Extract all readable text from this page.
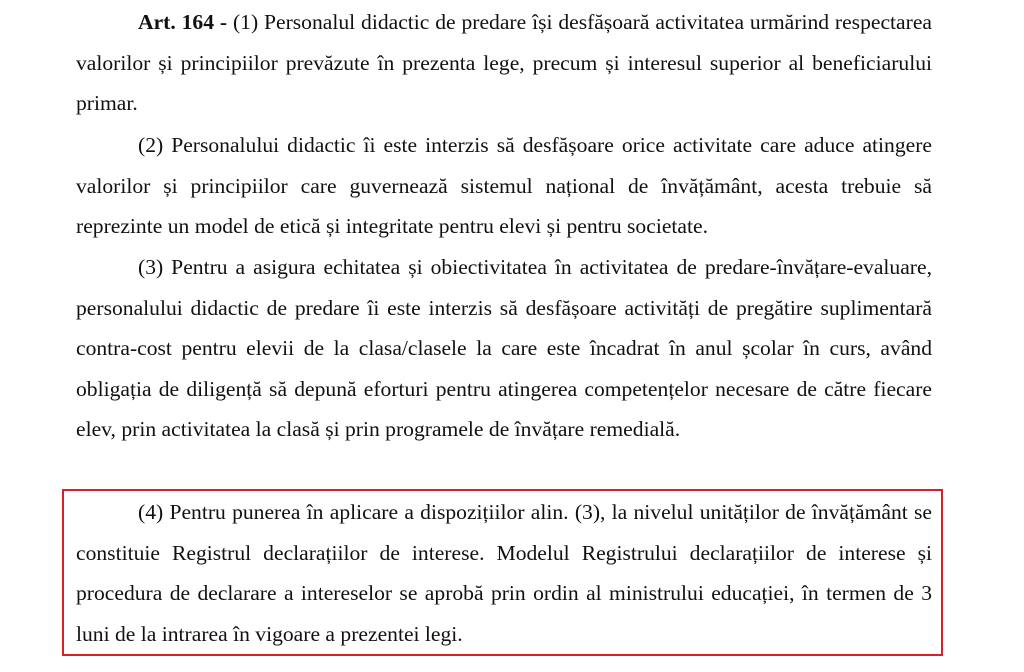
Art. 164 - (1) Personalul didactic de predare își desfășoară activitatea urmărind respectarea valorilor și principiilor prevăzute în prezenta lege, precum și interesul superior al beneficiarului primar.

(2) Personalului didactic îi este interzis să desfășoare orice activitate care aduce atingere valorilor și principiilor care guvernează sistemul național de învățământ, acesta trebuie să reprezinte un model de etică și integritate pentru elevi și pentru societate.

(3) Pentru a asigura echitatea și obiectivitatea în activitatea de predare-învățare-evaluare, personalului didactic de predare îi este interzis să desfășoare activități de pregătire suplimentară contra-cost pentru elevii de la clasa/clasele la care este încadrat în anul școlar în curs, având obligația de diligență să depună eforturi pentru atingerea competențelor necesare de către fiecare elev, prin activitatea la clasă și prin programele de învățare remedială.

(4) Pentru punerea în aplicare a dispozițiilor alin. (3), la nivelul unităților de învățământ se constituie Registrul declarațiilor de interese. Modelul Registrului declarațiilor de interese și procedura de declarare a intereselor se aprobă prin ordin al ministrului educației, în termen de 3 luni de la intrarea în vigoare a prezentei legi.
